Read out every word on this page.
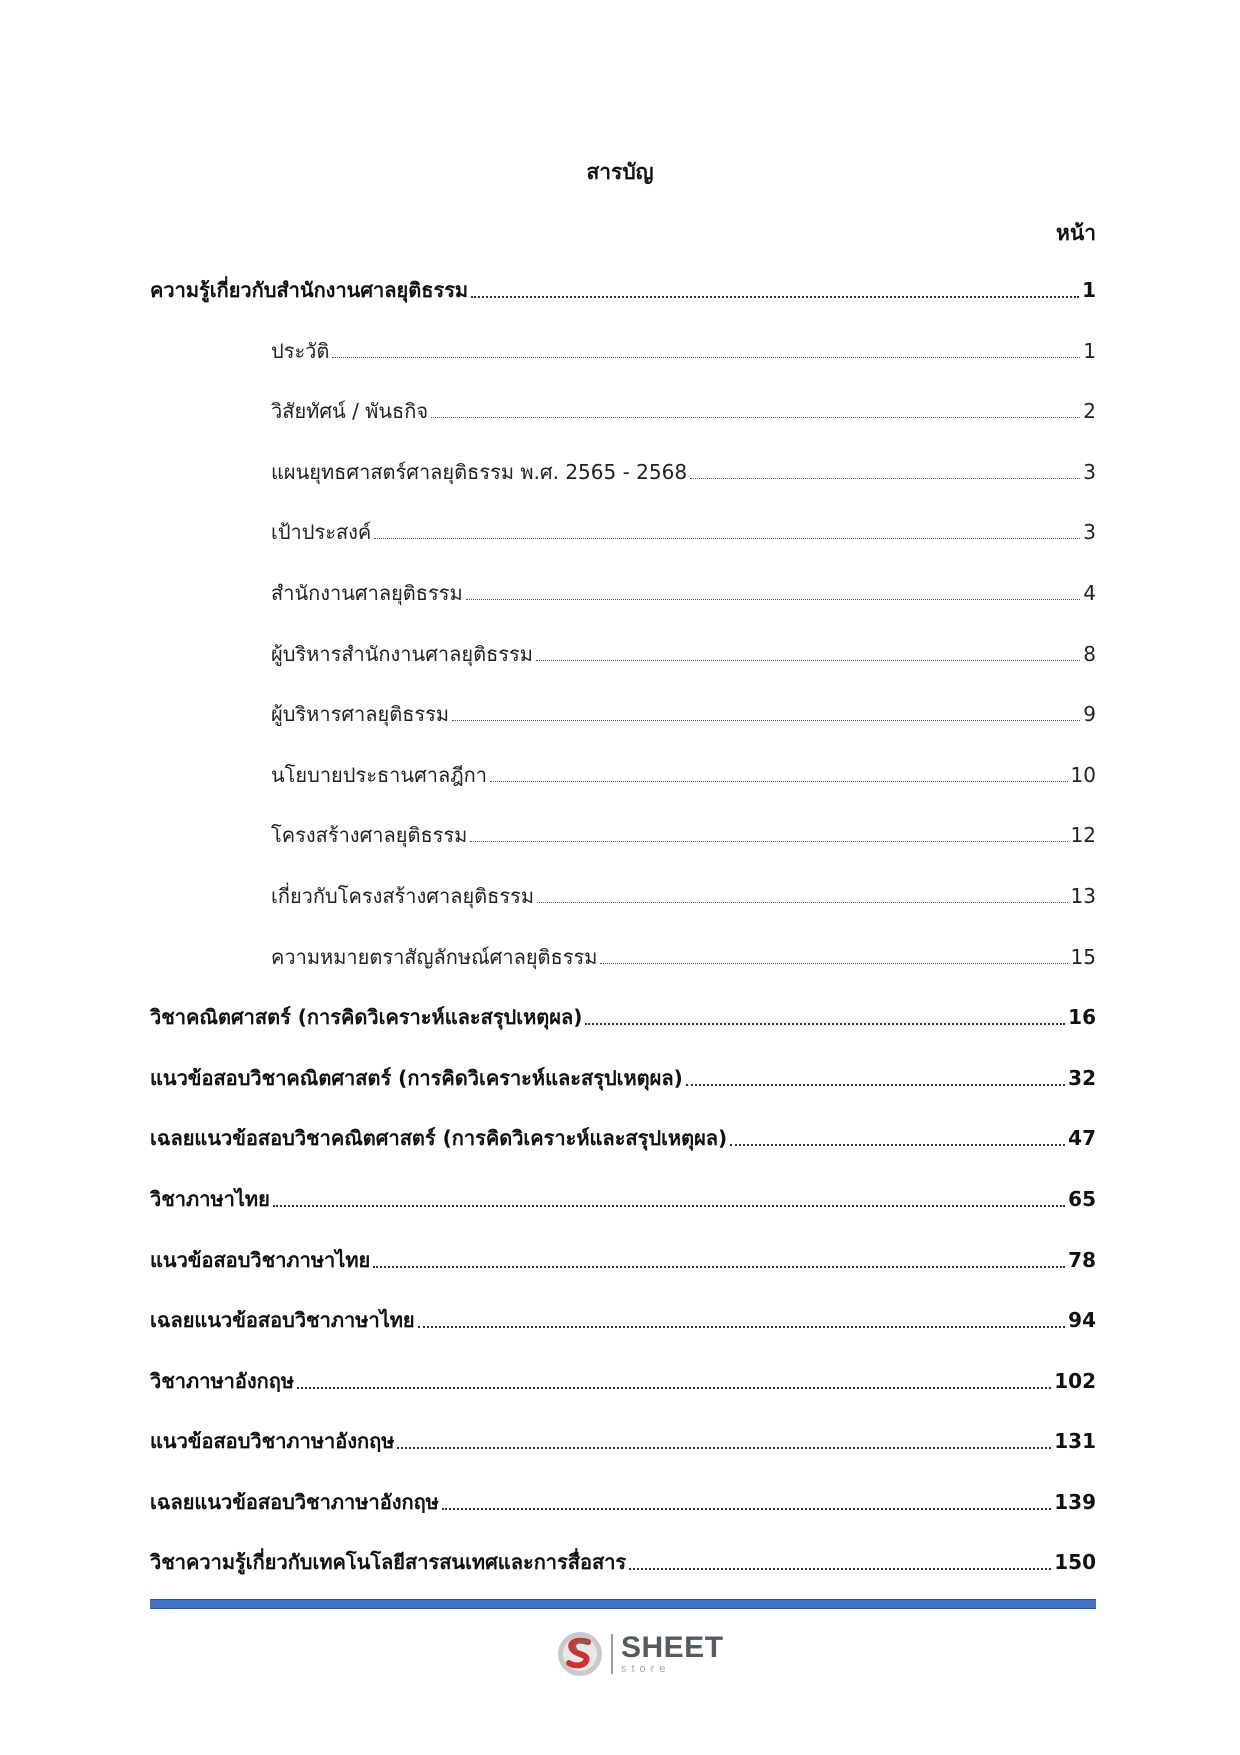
สารบัญ
หน้า
ความรู้เกี่ยวกับสำนักงานศาลยุติธรรม	1
ประวัติ	1
วิสัยทัศน์ / พันธกิจ	2
แผนยุทธศาสตร์ศาลยุติธรรม พ.ศ. 2565 - 2568	3
เป้าประสงค์	3
สำนักงานศาลยุติธรรม	4
ผู้บริหารสำนักงานศาลยุติธรรม	8
ผู้บริหารศาลยุติธรรม	9
นโยบายประธานศาลฎีกา	10
โครงสร้างศาลยุติธรรม	12
เกี่ยวกับโครงสร้างศาลยุติธรรม	13
ความหมายตราสัญลักษณ์ศาลยุติธรรม	15
วิชาคณิตศาสตร์ (การคิดวิเคราะห์และสรุปเหตุผล)	16
แนวข้อสอบวิชาคณิตศาสตร์ (การคิดวิเคราะห์และสรุปเหตุผล)	32
เฉลยแนวข้อสอบวิชาคณิตศาสตร์ (การคิดวิเคราะห์และสรุปเหตุผล)	47
วิชาภาษาไทย	65
แนวข้อสอบวิชาภาษาไทย	78
เฉลยแนวข้อสอบวิชาภาษาไทย	94
วิชาภาษาอังกฤษ	102
แนวข้อสอบวิชาภาษาอังกฤษ	131
เฉลยแนวข้อสอบวิชาภาษาอังกฤษ	139
วิชาความรู้เกี่ยวกับเทคโนโลยีสารสนเทศและการสื่อสาร	150
SHEET
store
